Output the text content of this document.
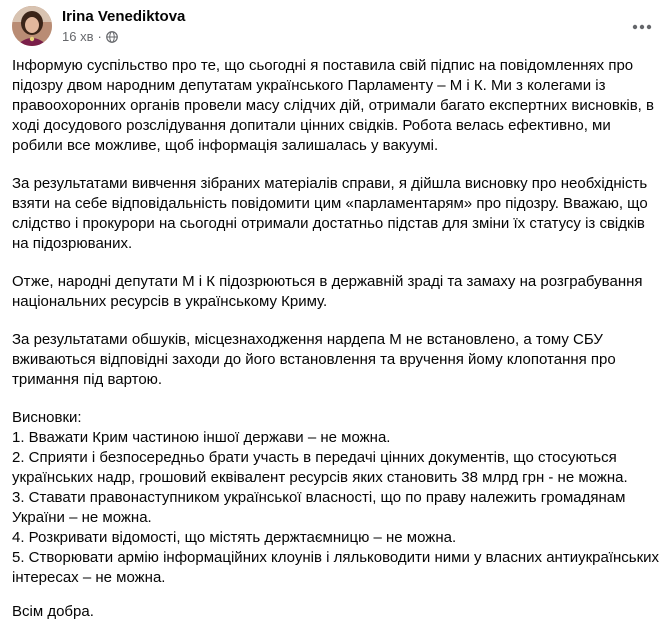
Irina Venediktova
16 хв ·

Інформую суспільство про те, що сьогодні я поставила свій підпис на повідомленнях про підозру двом народним депутатам українського Парламенту – М і К. Ми з колегами із правоохоронних органів провели масу слідчих дій, отримали багато експертних висновків, в ході досудового розслідування допитали цінних свідків. Робота велась ефективно, ми робили все можливе, щоб інформація залишалась у вакуумі.

За результатами вивчення зібраних матеріалів справи, я дійшла висновку про необхідність взяти на себе відповідальність повідомити цим «парламентарям» про підозру. Вважаю, що слідство і прокурори на сьогодні отримали достатньо підстав для зміни їх статусу із свідків на підозрюваних.

Отже, народні депутати М і К підозрюються в державній зраді та замаху на розграбування національних ресурсів в українському Криму.

За результатами обшуків, місцезнаходження нардепа М не встановлено, а тому СБУ вживаються відповідні заходи до його встановлення та вручення йому клопотання про тримання під вартою.

Висновки:
1. Вважати Крим частиною іншої держави – не можна.
2. Сприяти і безпосередньо брати участь в передачі цінних документів, що стосуються українських надр, грошовий еквівалент ресурсів яких становить 38 млрд грн - не можна.
3. Ставати правонаступником української власності, що по праву належить громадянам України – не можна.
4. Розкривати відомості, що містять держтаємницю – не можна.
5. Створювати армію інформаційних клоунів і ляльководити ними у власних антиукраїнських інтересах – не можна.

Всім добра.
